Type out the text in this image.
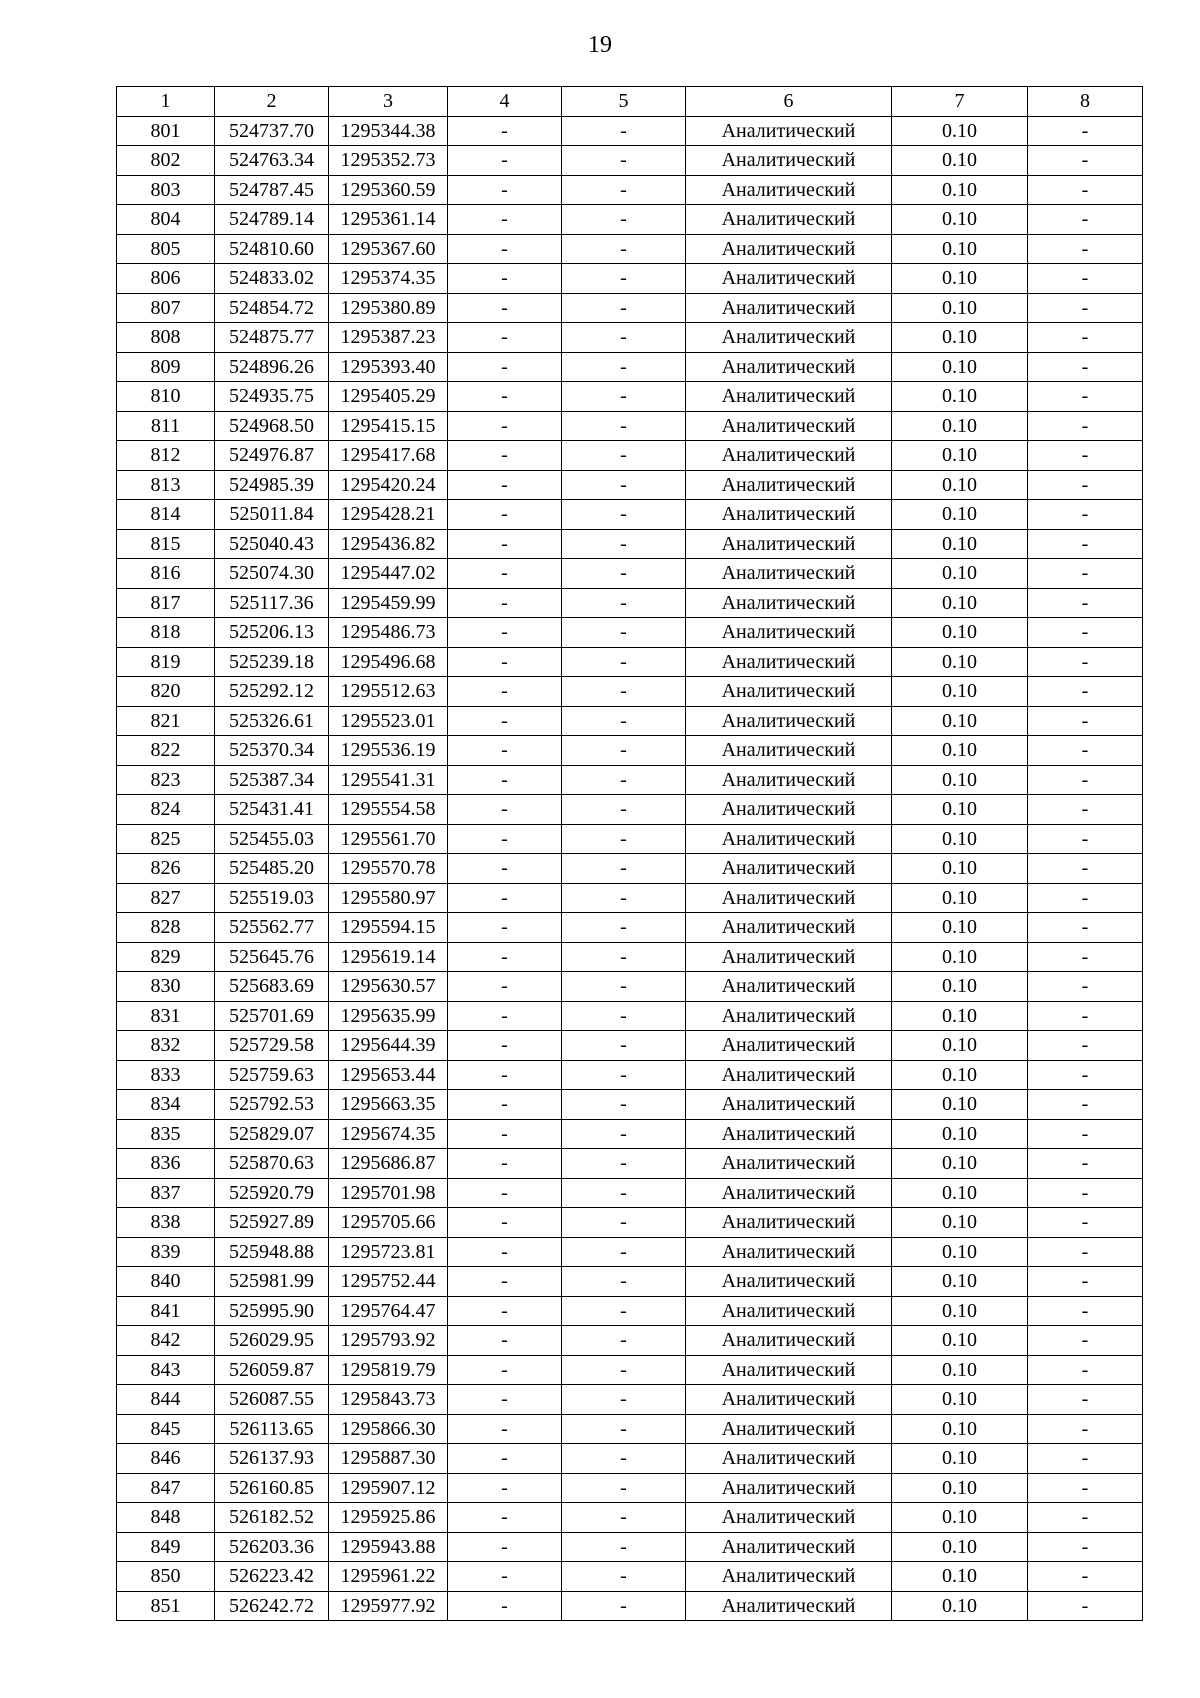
19
1	2	3	4	5	6	7	8
801	524737.70	1295344.38	-	-	Аналитический	0.10	-
802	524763.34	1295352.73	-	-	Аналитический	0.10	-
803	524787.45	1295360.59	-	-	Аналитический	0.10	-
804	524789.14	1295361.14	-	-	Аналитический	0.10	-
805	524810.60	1295367.60	-	-	Аналитический	0.10	-
806	524833.02	1295374.35	-	-	Аналитический	0.10	-
807	524854.72	1295380.89	-	-	Аналитический	0.10	-
808	524875.77	1295387.23	-	-	Аналитический	0.10	-
809	524896.26	1295393.40	-	-	Аналитический	0.10	-
810	524935.75	1295405.29	-	-	Аналитический	0.10	-
811	524968.50	1295415.15	-	-	Аналитический	0.10	-
812	524976.87	1295417.68	-	-	Аналитический	0.10	-
813	524985.39	1295420.24	-	-	Аналитический	0.10	-
814	525011.84	1295428.21	-	-	Аналитический	0.10	-
815	525040.43	1295436.82	-	-	Аналитический	0.10	-
816	525074.30	1295447.02	-	-	Аналитический	0.10	-
817	525117.36	1295459.99	-	-	Аналитический	0.10	-
818	525206.13	1295486.73	-	-	Аналитический	0.10	-
819	525239.18	1295496.68	-	-	Аналитический	0.10	-
820	525292.12	1295512.63	-	-	Аналитический	0.10	-
821	525326.61	1295523.01	-	-	Аналитический	0.10	-
822	525370.34	1295536.19	-	-	Аналитический	0.10	-
823	525387.34	1295541.31	-	-	Аналитический	0.10	-
824	525431.41	1295554.58	-	-	Аналитический	0.10	-
825	525455.03	1295561.70	-	-	Аналитический	0.10	-
826	525485.20	1295570.78	-	-	Аналитический	0.10	-
827	525519.03	1295580.97	-	-	Аналитический	0.10	-
828	525562.77	1295594.15	-	-	Аналитический	0.10	-
829	525645.76	1295619.14	-	-	Аналитический	0.10	-
830	525683.69	1295630.57	-	-	Аналитический	0.10	-
831	525701.69	1295635.99	-	-	Аналитический	0.10	-
832	525729.58	1295644.39	-	-	Аналитический	0.10	-
833	525759.63	1295653.44	-	-	Аналитический	0.10	-
834	525792.53	1295663.35	-	-	Аналитический	0.10	-
835	525829.07	1295674.35	-	-	Аналитический	0.10	-
836	525870.63	1295686.87	-	-	Аналитический	0.10	-
837	525920.79	1295701.98	-	-	Аналитический	0.10	-
838	525927.89	1295705.66	-	-	Аналитический	0.10	-
839	525948.88	1295723.81	-	-	Аналитический	0.10	-
840	525981.99	1295752.44	-	-	Аналитический	0.10	-
841	525995.90	1295764.47	-	-	Аналитический	0.10	-
842	526029.95	1295793.92	-	-	Аналитический	0.10	-
843	526059.87	1295819.79	-	-	Аналитический	0.10	-
844	526087.55	1295843.73	-	-	Аналитический	0.10	-
845	526113.65	1295866.30	-	-	Аналитический	0.10	-
846	526137.93	1295887.30	-	-	Аналитический	0.10	-
847	526160.85	1295907.12	-	-	Аналитический	0.10	-
848	526182.52	1295925.86	-	-	Аналитический	0.10	-
849	526203.36	1295943.88	-	-	Аналитический	0.10	-
850	526223.42	1295961.22	-	-	Аналитический	0.10	-
851	526242.72	1295977.92	-	-	Аналитический	0.10	-
